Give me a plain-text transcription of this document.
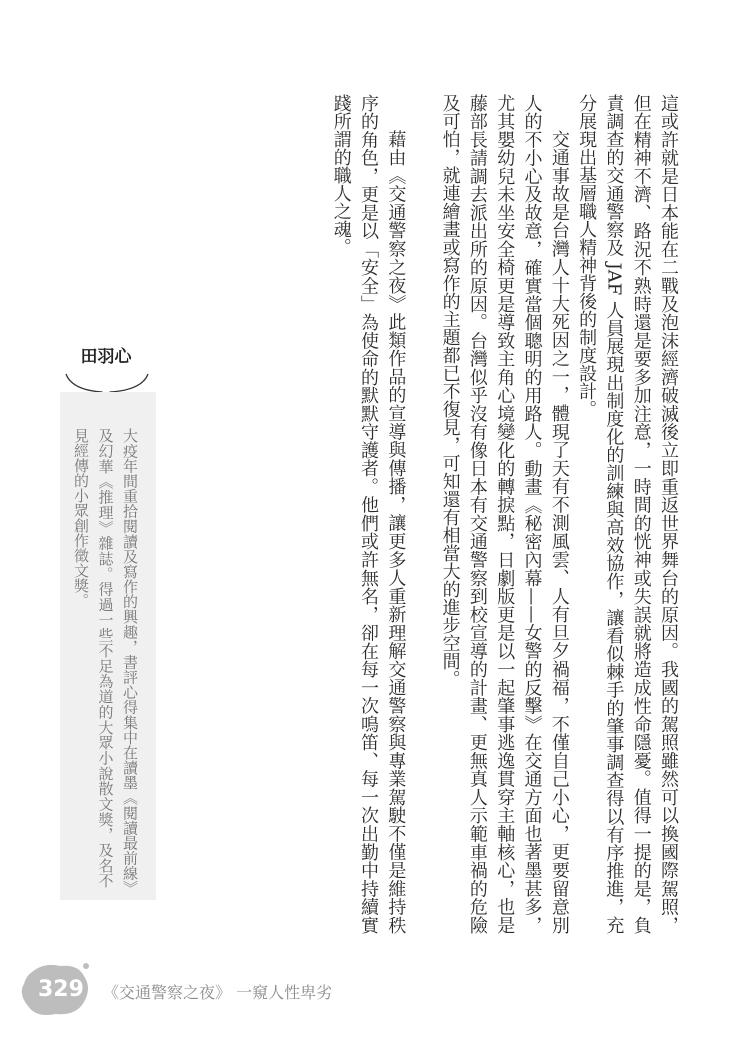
這或許就是日本能在二戰及泡沫經濟破滅後立即重返世界舞台的原因。我國的駕照雖然可以換國際駕照，但在精神不濟、路況不熟時還是要多加注意，一時間的恍神或失誤就將造成性命隱憂。值得一提的是，負責調查的交通警察及 JAF 人員展現出制度化的訓練與高效協作，讓看似棘手的肇事調查得以有序推進，充分展現出基層職人精神背後的制度設計。

交通事故是台灣人十大死因之一，體現了天有不測風雲、人有旦夕禍福，不僅自己小心，更要留意別人的不小心及故意，確實當個聰明的用路人。動畫《秘密內幕——女警的反擊》在交通方面也著墨甚多，尤其嬰幼兒未坐安全椅更是導致主角心境變化的轉捩點，日劇版更是以一起肇事逃逸貫穿主軸核心，也是藤部長請調去派出所的原因。台灣似乎沒有像日本有交通警察到校宣導的計畫、更無真人示範車禍的危險及可怕，就連繪畫或寫作的主題都已不復見，可知還有相當大的進步空間。

藉由《交通警察之夜》此類作品的宣導與傳播，讓更多人重新理解交通警察與專業駕駛不僅是維持秩序的角色，更是以「安全」為使命的默默守護者。他們或許無名，卻在每一次鳴笛、每一次出勤中持續實踐所謂的職人之魂。

田羽心
大疫年間重拾閱讀及寫作的興趣，書評心得集中在讀墨《閱讀最前線》及幻華《推理》雜誌。得過一些不足為道的大眾小說散文獎，及名不見經傳的小眾創作徵文獎。
329 《交通警察之夜》 一窺人性卑劣
